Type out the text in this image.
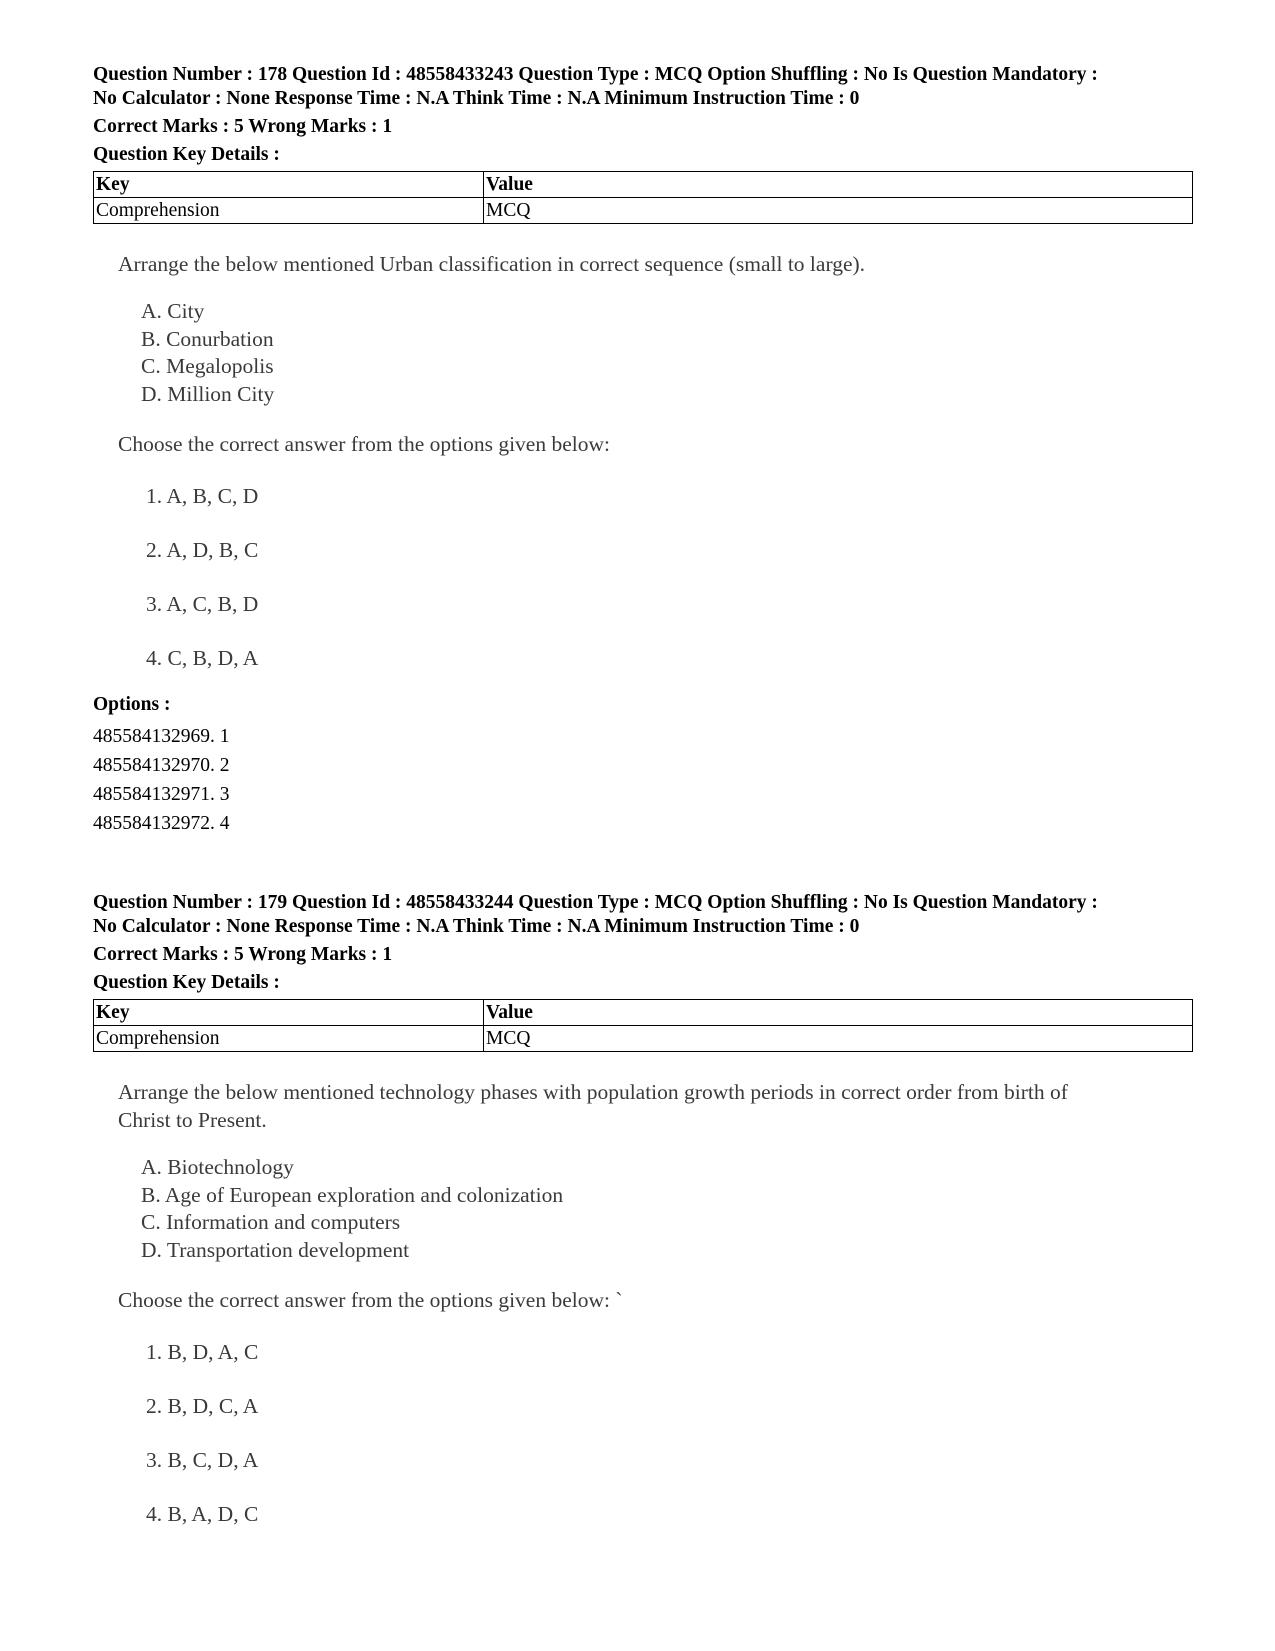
Question Number : 178 Question Id : 48558433243 Question Type : MCQ Option Shuffling : No Is Question Mandatory :
No Calculator : None Response Time : N.A Think Time : N.A Minimum Instruction Time : 0
Correct Marks : 5 Wrong Marks : 1
Question Key Details :
Key	Value
Comprehension	MCQ

Arrange the below mentioned Urban classification in correct sequence (small to large).

A. City
B. Conurbation
C. Megalopolis
D. Million City
Choose the correct answer from the options given below:
1. A, B, C, D
2. A, D, B, C
3. A, C, B, D
4. C, B, D, A
Options :
485584132969. 1
485584132970. 2
485584132971. 3
485584132972. 4
Question Number : 179 Question Id : 48558433244 Question Type : MCQ Option Shuffling : No Is Question Mandatory :
No Calculator : None Response Time : N.A Think Time : N.A Minimum Instruction Time : 0
Correct Marks : 5 Wrong Marks : 1
Question Key Details :
Key	Value
Comprehension	MCQ

Arrange the below mentioned technology phases with population growth periods in correct order from birth of
Christ to Present.

A. Biotechnology
B. Age of European exploration and colonization
C. Information and computers
D. Transportation development
Choose the correct answer from the options given below: `
1. B, D, A, C
2. B, D, C, A
3. B, C, D, A
4. B, A, D, C
